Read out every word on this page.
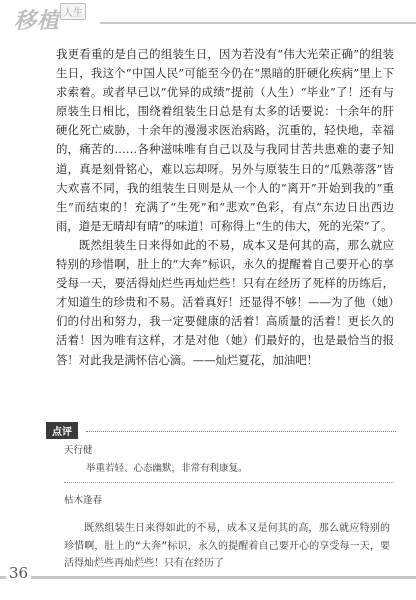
移植 人生

我更看重的是自己的组装生日，因为若没有“伟大光荣正确”的组装生日，我这个“中国人民”可能至今仍在“黑暗的肝硬化疾病”里上下求索着。或者早已以“优异的成绩”提前（人生）“毕业”了！还有与原装生日相比，围绕着组装生日总是有太多的话要说：十余年的肝硬化死亡威胁，十余年的漫漫求医治病路，沉重的，轻快地，幸福的，痛苦的……各种滋味唯有自己以及与我同甘苦共患难的妻子知道，真是刻骨铭心，难以忘却呀。另外与原装生日的“瓜熟蒂落”皆大欢喜不同，我的组装生日则是从一个人的“离开”开始到我的“重生”而结束的！充满了“生死”和“悲欢”色彩，有点“东边日出西边雨，道是无晴却有晴”的味道！可称得上“生的伟大，死的光荣”了。

既然组装生日来得如此的不易，成本又是何其的高，那么就应特别的珍惜啊，肚上的“大奔”标识，永久的提醒着自己要开心的享受每一天，要活得灿烂些再灿烂些！只有在经历了死样的历练后，才知道生的珍贵和不易。活着真好！还显得不够！——为了他（她）们的付出和努力，我一定要健康的活着！高质量的活着！更长久的活着！因为唯有这样，才是对他（她）们最好的，也是最恰当的报答！对此我是满怀信心滴。——灿烂夏花，加油吧！

点评
天行健
举重若轻、心态幽默，非常有利康复。
枯木逢春

既然组装生日来得如此的不易，成本又是何其的高，那么就应特别的珍惜啊，肚上的“大奔”标识，永久的提醒着自己要开心的享受每一天，要活得灿烂些再灿烂些！只有在经历了

36
